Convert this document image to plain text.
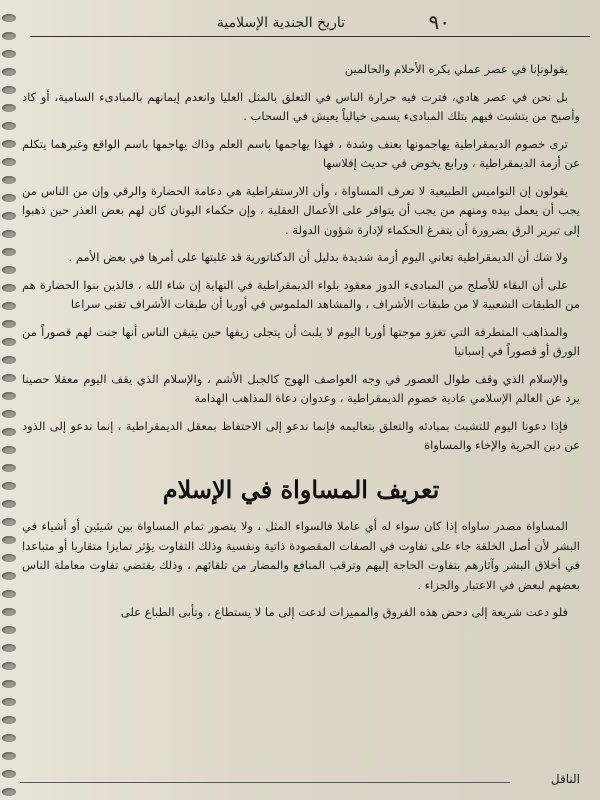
٩٠
تاريخ الجندية الإسلامية

يقولونإنا في عصر عملي بكره الأحلام والحالمين

بل نحن في عصر هادي، فترت فيه حرارة الناس في التعلق بالمثل العليا وانعدم إيمانهم بالمبادىء السامية، أو كاد وأصبح من يتشبث فيهم بتلك المبادىء يسمى خيالياً يعيش في السحاب .

ترى خصوم الديمقراطية يهاجمونها بعنف وشدة ، فهذا يهاجمها باسم العلم وذاك يهاجمها باسم الواقع وغيرهما يتكلم عن أزمة الديمقراطية ، ورابع يخوض في حديث إفلاسها

يقولون إن النواميس الطبيعية لا تعرف المساواة ، وأن الارستقراطية هي دعامة الحضارة والرقي وإن من الناس من يجب أن يعمل بيده ومنهم من يجب أن يتوافر على الأعمال العقلية ، وإن حكماء اليونان كان لهم بعض العذر حين ذهبوا إلى تبرير الرق بضرورة أن يتفرغ الحكماء لإدارة شؤون الدولة .

ولا شك أن الديمقراطية تعاني اليوم أزمة شديدة بدليل أن الدكتاتورية قد غلبتها على أمرها في بعض الأمم .

على أن البقاء للأصلح من المبادىء الدوز معقود بلواء الديمقراطية في النهاية إن شاء الله ، فالذين بنوا الحضارة هم من الطبقات الشعبية لا من طبقات الأشراف ، والمشاهد الملموس في أوربا أن طبقات الأشراف تفنى سراعا

والمذاهب المتطرفة التي تغزو موجتها أوربا اليوم لا يلبث أن يتجلى زيفها حين يتيقن الناس أنها جنت لهم قصوراً من الورق أو قصوراً في إسبانيا

والإسلام الذي وقف طوال العصور في وجه العواصف الهوج كالجبل الأشم ، والإسلام الذي يقف اليوم معقلا حصينا يرد عن العالم الإسلامي عادية خصوم الديمقراطية ، وعدوان دعاة المذاهب الهدامة

فإذا دعونا اليوم للتشبث بمبادئه والتعلق بتعاليمه فإنما ندعو إلى الاحتفاظ بمعقل الديمقراطية ، إنما ندعو إلى الذود عن دين الحرية والإخاء والمساواة

تعريف المساواة في الإسلام

المساواة مصدر ساواه إذا كان سواء له أي عاملا فالسواء المثل ، ولا يتصور تمام المساواة بين شيئين أو أشياء في البشر لأن أصل الخلقة جاء على تفاوت في الصفات المقصودة ذاتية ونفسية وذلك التفاوت يؤثر تمايزا متقاربا أو متباعدا في أخلاق البشر وآثارهم بتفاوت الحاجة إليهم وترقب المنافع والمضار من تلقائهم ، وذلك يقتضي تفاوت معاملة الناس بعضهم لبعض في الاعتبار والجزاء .

فلو دعت شريعة إلى دحض هذه الفروق والمميزات لدعت إلى ما لا يستطاع ، وتأبى الطباع على

الناقل
